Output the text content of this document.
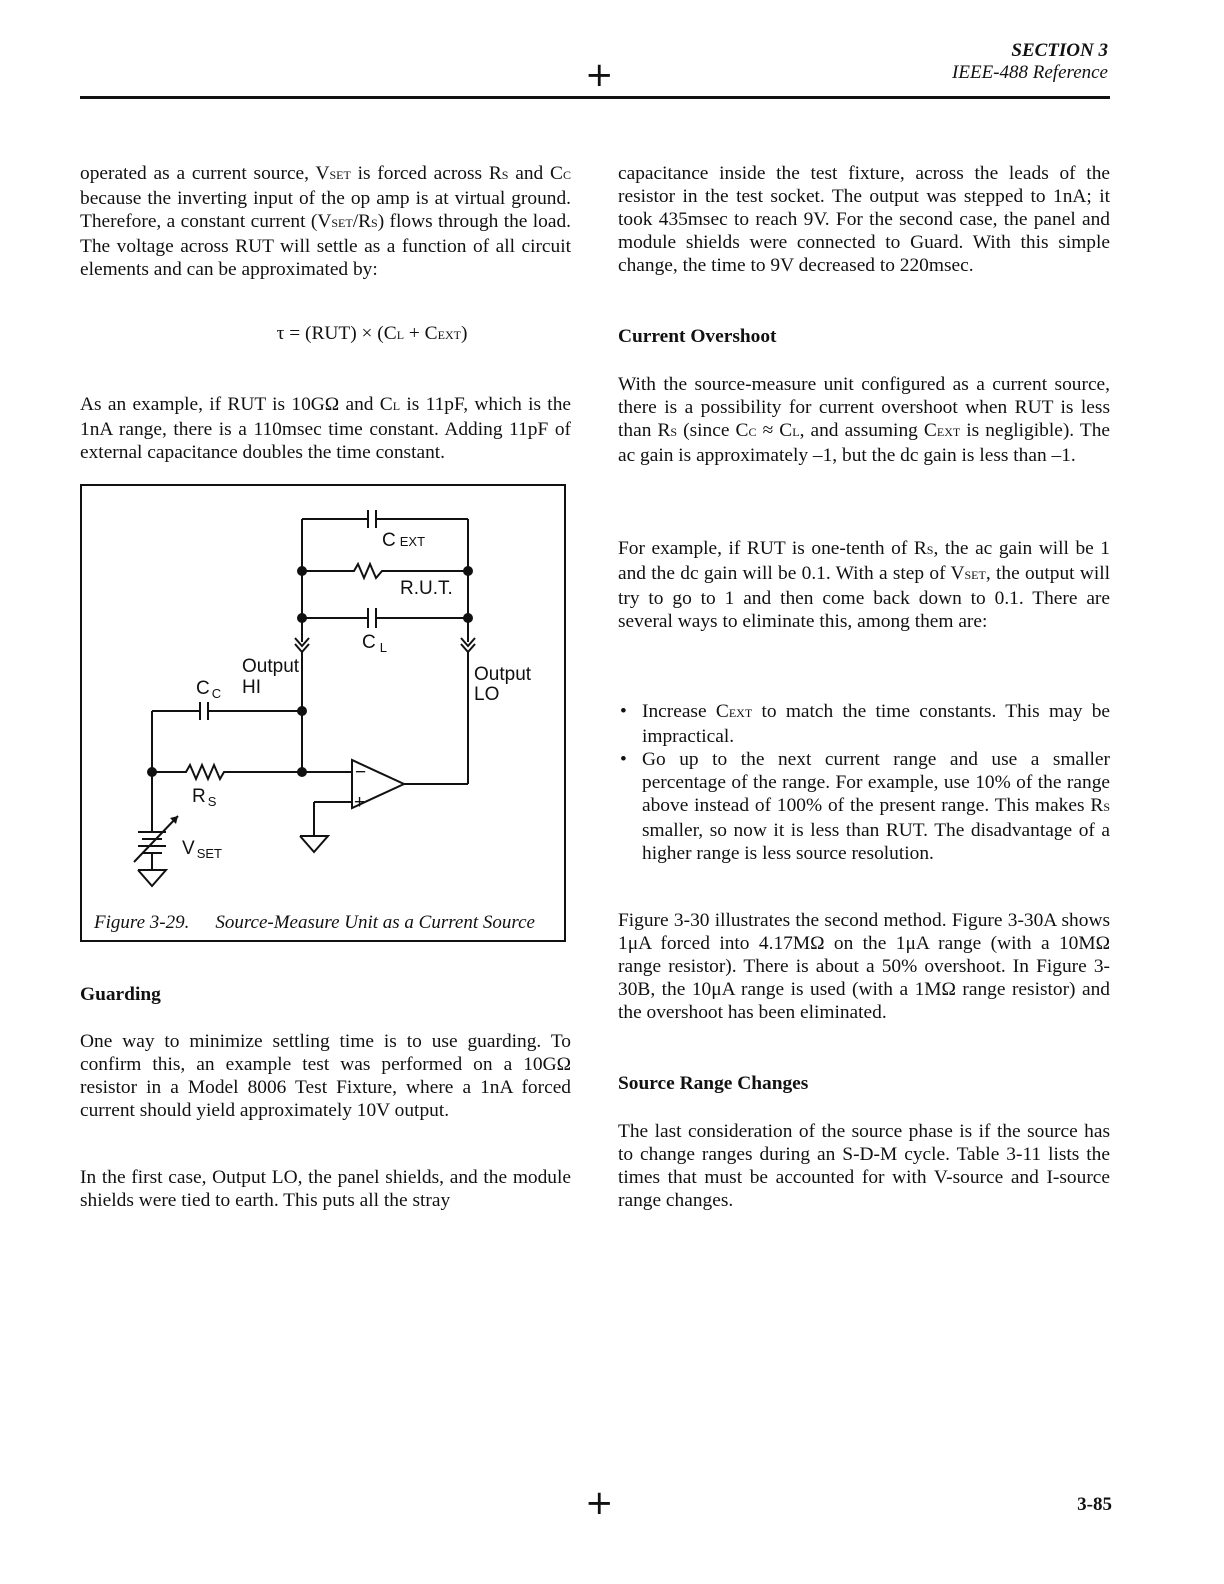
SECTION 3
IEEE-488 Reference
+

operated as a current source, VSET is forced across RS and CC because the inverting input of the op amp is at virtual ground. Therefore, a constant current (VSET/RS) flows through the load. The voltage across RUT will settle as a function of all circuit elements and can be approximated by:

τ = (RUT) × (CL + CEXT)

As an example, if RUT is 10GΩ and CL is 11pF, which is the 1nA range, there is a 110msec time constant. Adding 11pF of external capacitance doubles the time constant.

C EXT
R.U.T.
C $_L$
Output
HI
Output
LO
C $_C$
R $_S$
V $_{SET}$
−
+
Figure 3-29. Source-Measure Unit as a Current Source
Guarding

One way to minimize settling time is to use guarding. To confirm this, an example test was performed on a 10GΩ resistor in a Model 8006 Test Fixture, where a 1nA forced current should yield approximately 10V output.

In the first case, Output LO, the panel shields, and the module shields were tied to earth. This puts all the stray

capacitance inside the test fixture, across the leads of the resistor in the test socket. The output was stepped to 1nA; it took 435msec to reach 9V. For the second case, the panel and module shields were connected to Guard. With this simple change, the time to 9V decreased to 220msec.

Current Overshoot

With the source-measure unit configured as a current source, there is a possibility for current overshoot when RUT is less than RS (since CC ≈ CL, and assuming CEXT is negligible). The ac gain is approximately –1, but the dc gain is less than –1.

For example, if RUT is one-tenth of RS, the ac gain will be 1 and the dc gain will be 0.1. With a step of VSET, the output will try to go to 1 and then come back down to 0.1. There are several ways to eliminate this, among them are:

• Increase CEXT to match the time constants. This may be impractical.
• Go up to the next current range and use a smaller percentage of the range. For example, use 10% of the range above instead of 100% of the present range. This makes RS smaller, so now it is less than RUT. The disadvantage of a higher range is less source resolution.

Figure 3-30 illustrates the second method. Figure 3-30A shows 1μA forced into 4.17MΩ on the 1μA range (with a 10MΩ range resistor). There is about a 50% overshoot. In Figure 3-30B, the 10μA range is used (with a 1MΩ range resistor) and the overshoot has been eliminated.

Source Range Changes

The last consideration of the source phase is if the source has to change ranges during an S-D-M cycle. Table 3-11 lists the times that must be accounted for with V-source and I-source range changes.

+	3-85
